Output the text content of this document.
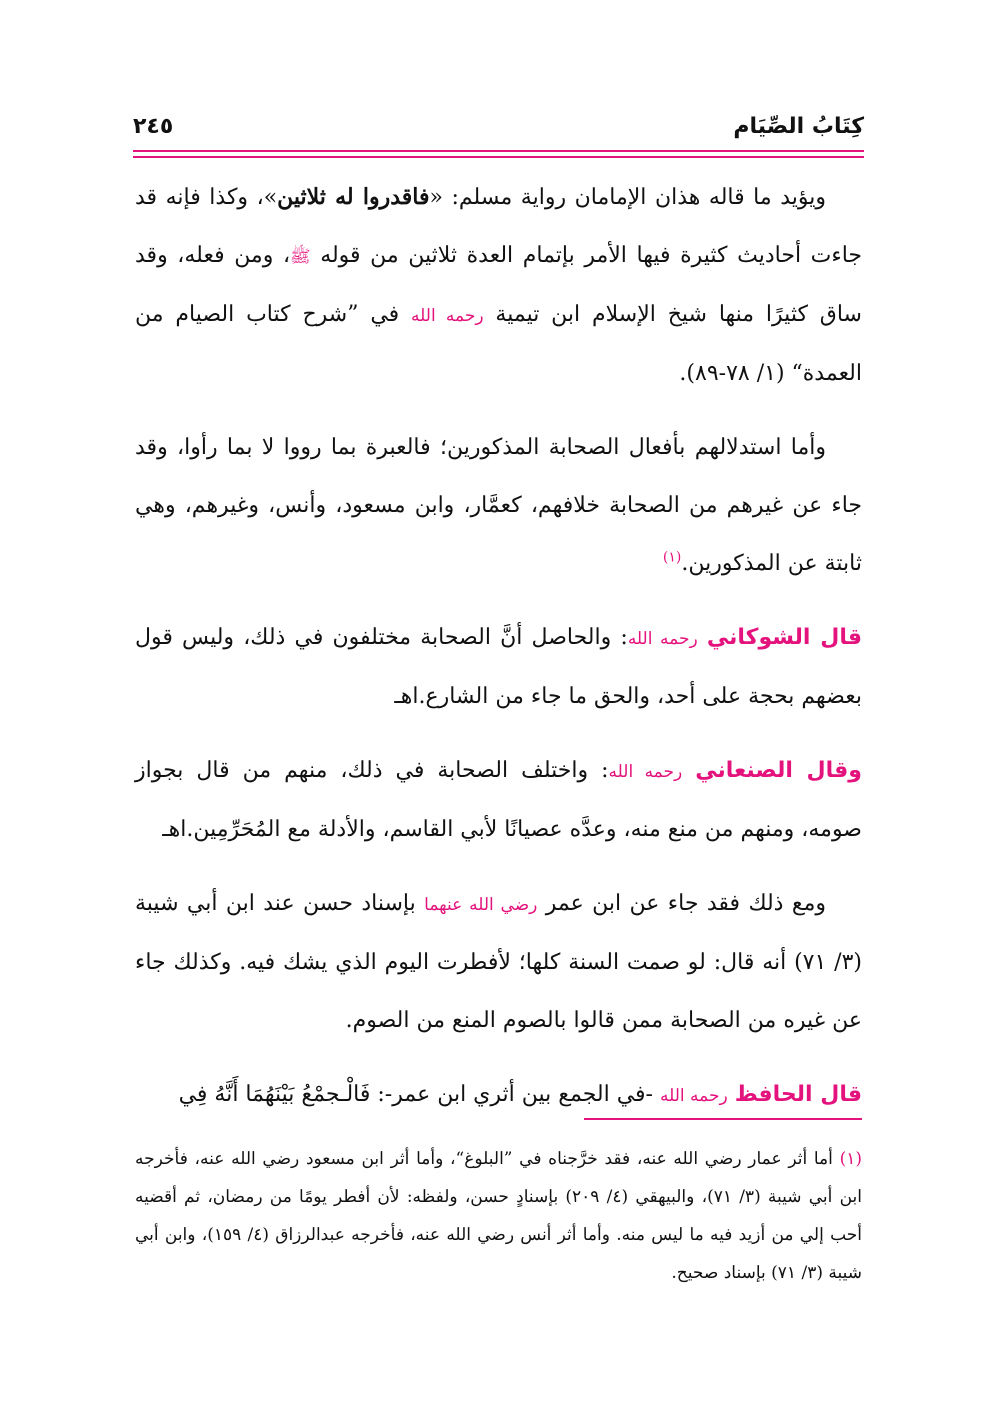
كِتَابُ الصِّيَام
٢٤٥

ويؤيد ما قاله هذان الإمامان رواية مسلم: «فاقدروا له ثلاثين»، وكذا فإنه قد جاءت أحاديث كثيرة فيها الأمر بإتمام العدة ثلاثين من قوله ﷺ، ومن فعله، وقد ساق كثيرًا منها شيخ الإسلام ابن تيمية رحمه الله في ”شرح كتاب الصيام من العمدة“ (١/ ٧٨-٨٩).

وأما استدلالهم بأفعال الصحابة المذكورين؛ فالعبرة بما رووا لا بما رأوا، وقد جاء عن غيرهم من الصحابة خلافهم، كعمَّار، وابن مسعود، وأنس، وغيرهم، وهي ثابتة عن المذكورين.$^{(١)}$

قال الشوكاني رحمه الله: والحاصل أنَّ الصحابة مختلفون في ذلك، وليس قول بعضهم بحجة على أحد، والحق ما جاء من الشارع.اهـ

وقال الصنعاني رحمه الله: واختلف الصحابة في ذلك، منهم من قال بجواز صومه، ومنهم من منع منه، وعدَّه عصيانًا لأبي القاسم، والأدلة مع المُحَرِّمِين.اهـ

ومع ذلك فقد جاء عن ابن عمر رضي الله عنهما بإسناد حسن عند ابن أبي شيبة (٣/ ٧١) أنه قال: لو صمت السنة كلها؛ لأفطرت اليوم الذي يشك فيه. وكذلك جاء عن غيره من الصحابة ممن قالوا بالصوم المنع من الصوم.

قال الحافظ رحمه الله -في الجمع بين أثري ابن عمر-: فَالْـجمْعُ بَيْنَهُمَا أَنَّهُ فِي

(١) أما أثر عمار رضي الله عنه، فقد خرَّجناه في ”البلوغ“، وأما أثر ابن مسعود رضي الله عنه، فأخرجه ابن أبي شيبة (٣/ ٧١)، والبيهقي (٤/ ٢٠٩) بإسنادٍ حسن، ولفظه: لأن أفطر يومًا من رمضان، ثم أقضيه أحب إلي من أزيد فيه ما ليس منه. وأما أثر أنس رضي الله عنه، فأخرجه عبدالرزاق (٤/ ١٥٩)، وابن أبي شيبة (٣/ ٧١) بإسناد صحيح.
